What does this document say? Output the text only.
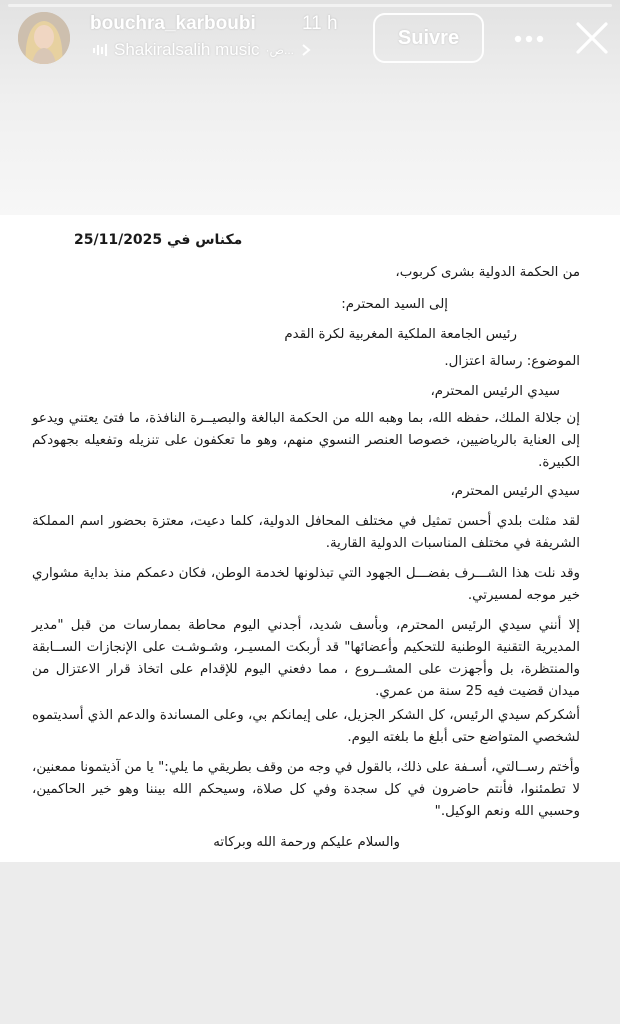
bouchra_karboubi 11 h
Shakiralsalih music ·ص...
Suivre
مكناس في 25/11/2025
من الحكمة الدولية بشرى كربوب،
إلى السيد المحترم:
رئيس الجامعة الملكية المغربية لكرة القدم
الموضوع: رسالة اعتزال.
سيدي الرئيس المحترم،
إن جلالة الملك، حفظه الله، بما وهبه الله من الحكمة البالغة والبصيــرة النافذة، ما فتئ يعتني ويدعو إلى العناية بالرياضيين، خصوصا العنصر النسوي منهم، وهو ما تعكفون على تنزيله وتفعيله بجهودكم الكبيرة.
سيدي الرئيس المحترم،
لقد مثلت بلدي أحسن تمثيل في مختلف المحافل الدولية، كلما دعيت، معتزة بحضور اسم المملكة الشريفة في مختلف المناسبات الدولية القارية.
وقد نلت هذا الشـــرف بفضـــل الجهود التي تبذلونها لخدمة الوطن، فكان دعمكم منذ بداية مشواري خير موجه لمسيرتي.
إلا أنني سيدي الرئيس المحترم، وبأسف شديد، أجدني اليوم محاطة بممارسات من قبل "مدير المديرية التقنية الوطنية للتحكيم وأعضائها" قد أربكت المسيـر، وشـوشـت على الإنجازات الســابقة والمنتظرة، بل وأجهزت على المشــروع ، مما دفعني اليوم للإقدام على اتخاذ قرار الاعتزال من ميدان قضيت فيه 25 سنة من عمري.
أشكركم سيدي الرئيس، كل الشكر الجزيل، على إيمانكم بي، وعلى المساندة والدعم الذي أسديتموه لشخصي المتواضع حتى أبلغ ما بلغته اليوم.
وأختم رســالتي، أسـفة على ذلك، بالقول في وجه من وقف بطريقي ما يلي:" يا من آذيتمونا ممعنين، لا تطمئنوا، فأنتم حاضرون في كل سجدة وفي كل صلاة، وسيحكم الله بيننا وهو خير الحاكمين، وحسبي الله ونعم الوكيل."
والسلام عليكم ورحمة الله وبركاته
